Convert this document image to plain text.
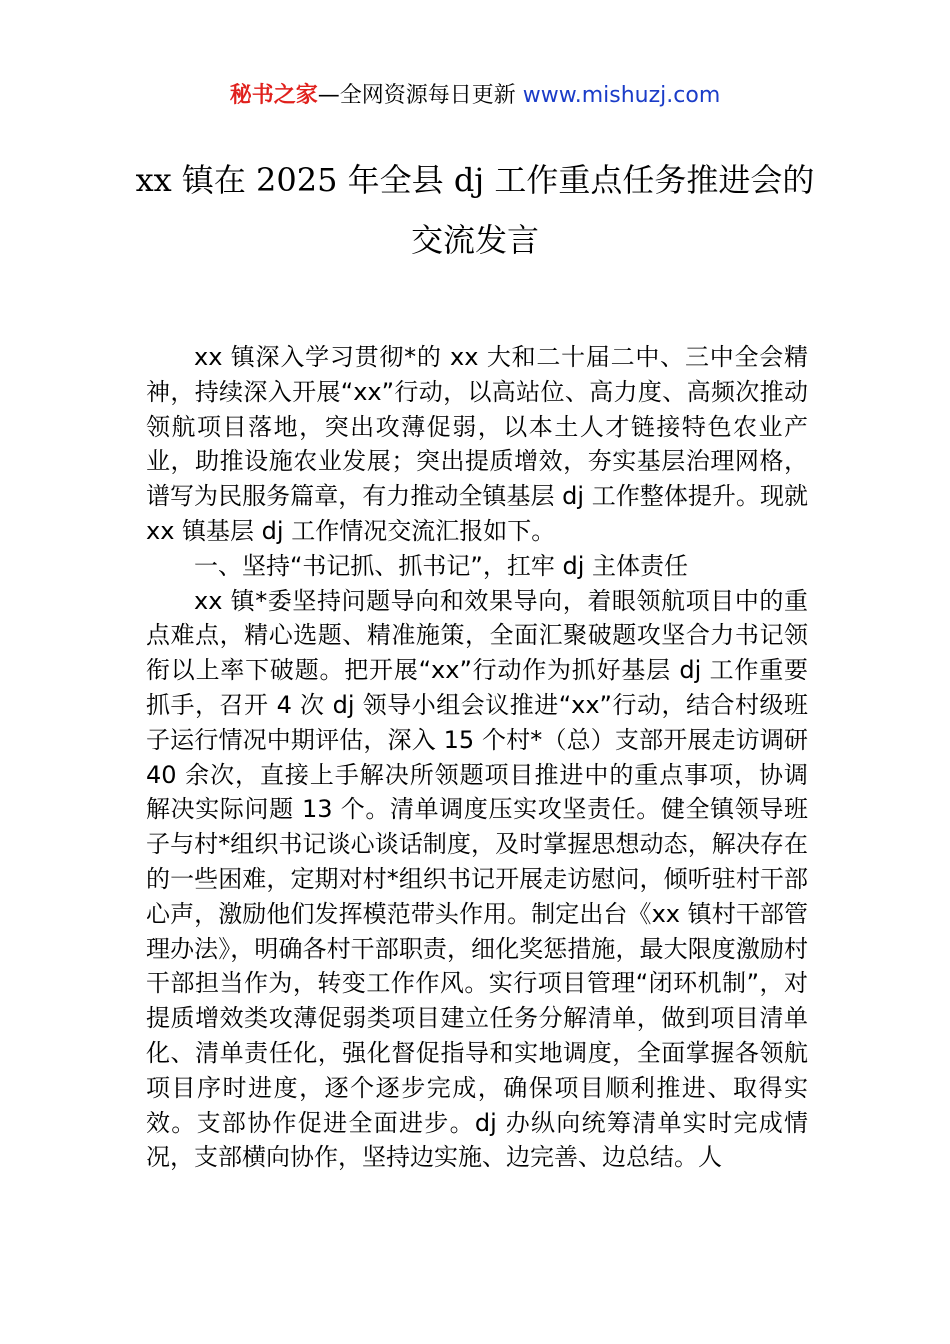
秘书之家—全网资源每日更新 www.mishuzj.com
xx 镇在 2025 年全县 dj 工作重点任务推进会的交流发言

xx 镇深入学习贯彻*的 xx 大和二十届二中、三中全会精神，持续深入开展“xx”行动，以高站位、高力度、高频次推动领航项目落地，突出攻薄促弱，以本土人才链接特色农业产业，助推设施农业发展；突出提质增效，夯实基层治理网格，谱写为民服务篇章，有力推动全镇基层 dj 工作整体提升。现就 xx 镇基层 dj 工作情况交流汇报如下。

一、坚持“书记抓、抓书记”，扛牢 dj 主体责任

xx 镇*委坚持问题导向和效果导向，着眼领航项目中的重点难点，精心选题、精准施策，全面汇聚破题攻坚合力书记领衔以上率下破题。把开展“xx”行动作为抓好基层 dj 工作重要抓手，召开 4 次 dj 领导小组会议推进“xx”行动，结合村级班子运行情况中期评估，深入 15 个村*（总）支部开展走访调研 40 余次，直接上手解决所领题项目推进中的重点事项，协调解决实际问题 13 个。清单调度压实攻坚责任。健全镇领导班子与村*组织书记谈心谈话制度，及时掌握思想动态，解决存在的一些困难，定期对村*组织书记开展走访慰问，倾听驻村干部心声，激励他们发挥模范带头作用。制定出台《xx 镇村干部管理办法》，明确各村干部职责，细化奖惩措施，最大限度激励村干部担当作为，转变工作作风。实行项目管理“闭环机制”，对提质增效类攻薄促弱类项目建立任务分解清单，做到项目清单化、清单责任化，强化督促指导和实地调度，全面掌握各领航项目序时进度，逐个逐步完成，确保项目顺利推进、取得实效。支部协作促进全面进步。dj 办纵向统筹清单实时完成情况，支部横向协作，坚持边实施、边完善、边总结。人
